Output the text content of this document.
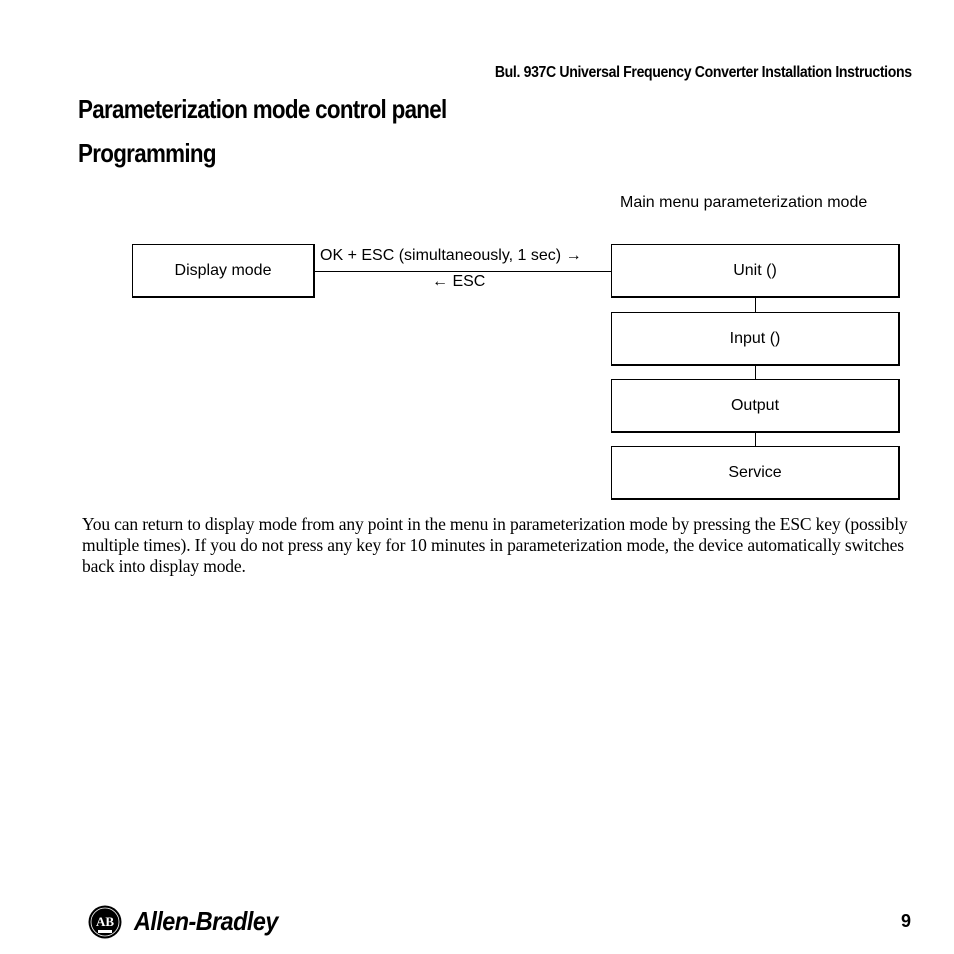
Bul. 937C Universal Frequency Converter Installation Instructions
Parameterization mode control panel
Programming
Main menu parameterization mode
Display mode
OK + ESC (simultaneously, 1 sec) →
← ESC
Unit ()
Input ()
Output
Service
You can return to display mode from any point in the menu in parameterization mode by pressing the ESC key (possibly multiple times). If you do not press any key for 10 minutes in parameterization mode, the device automatically switches back into display mode.
AB Allen-Bradley	9
